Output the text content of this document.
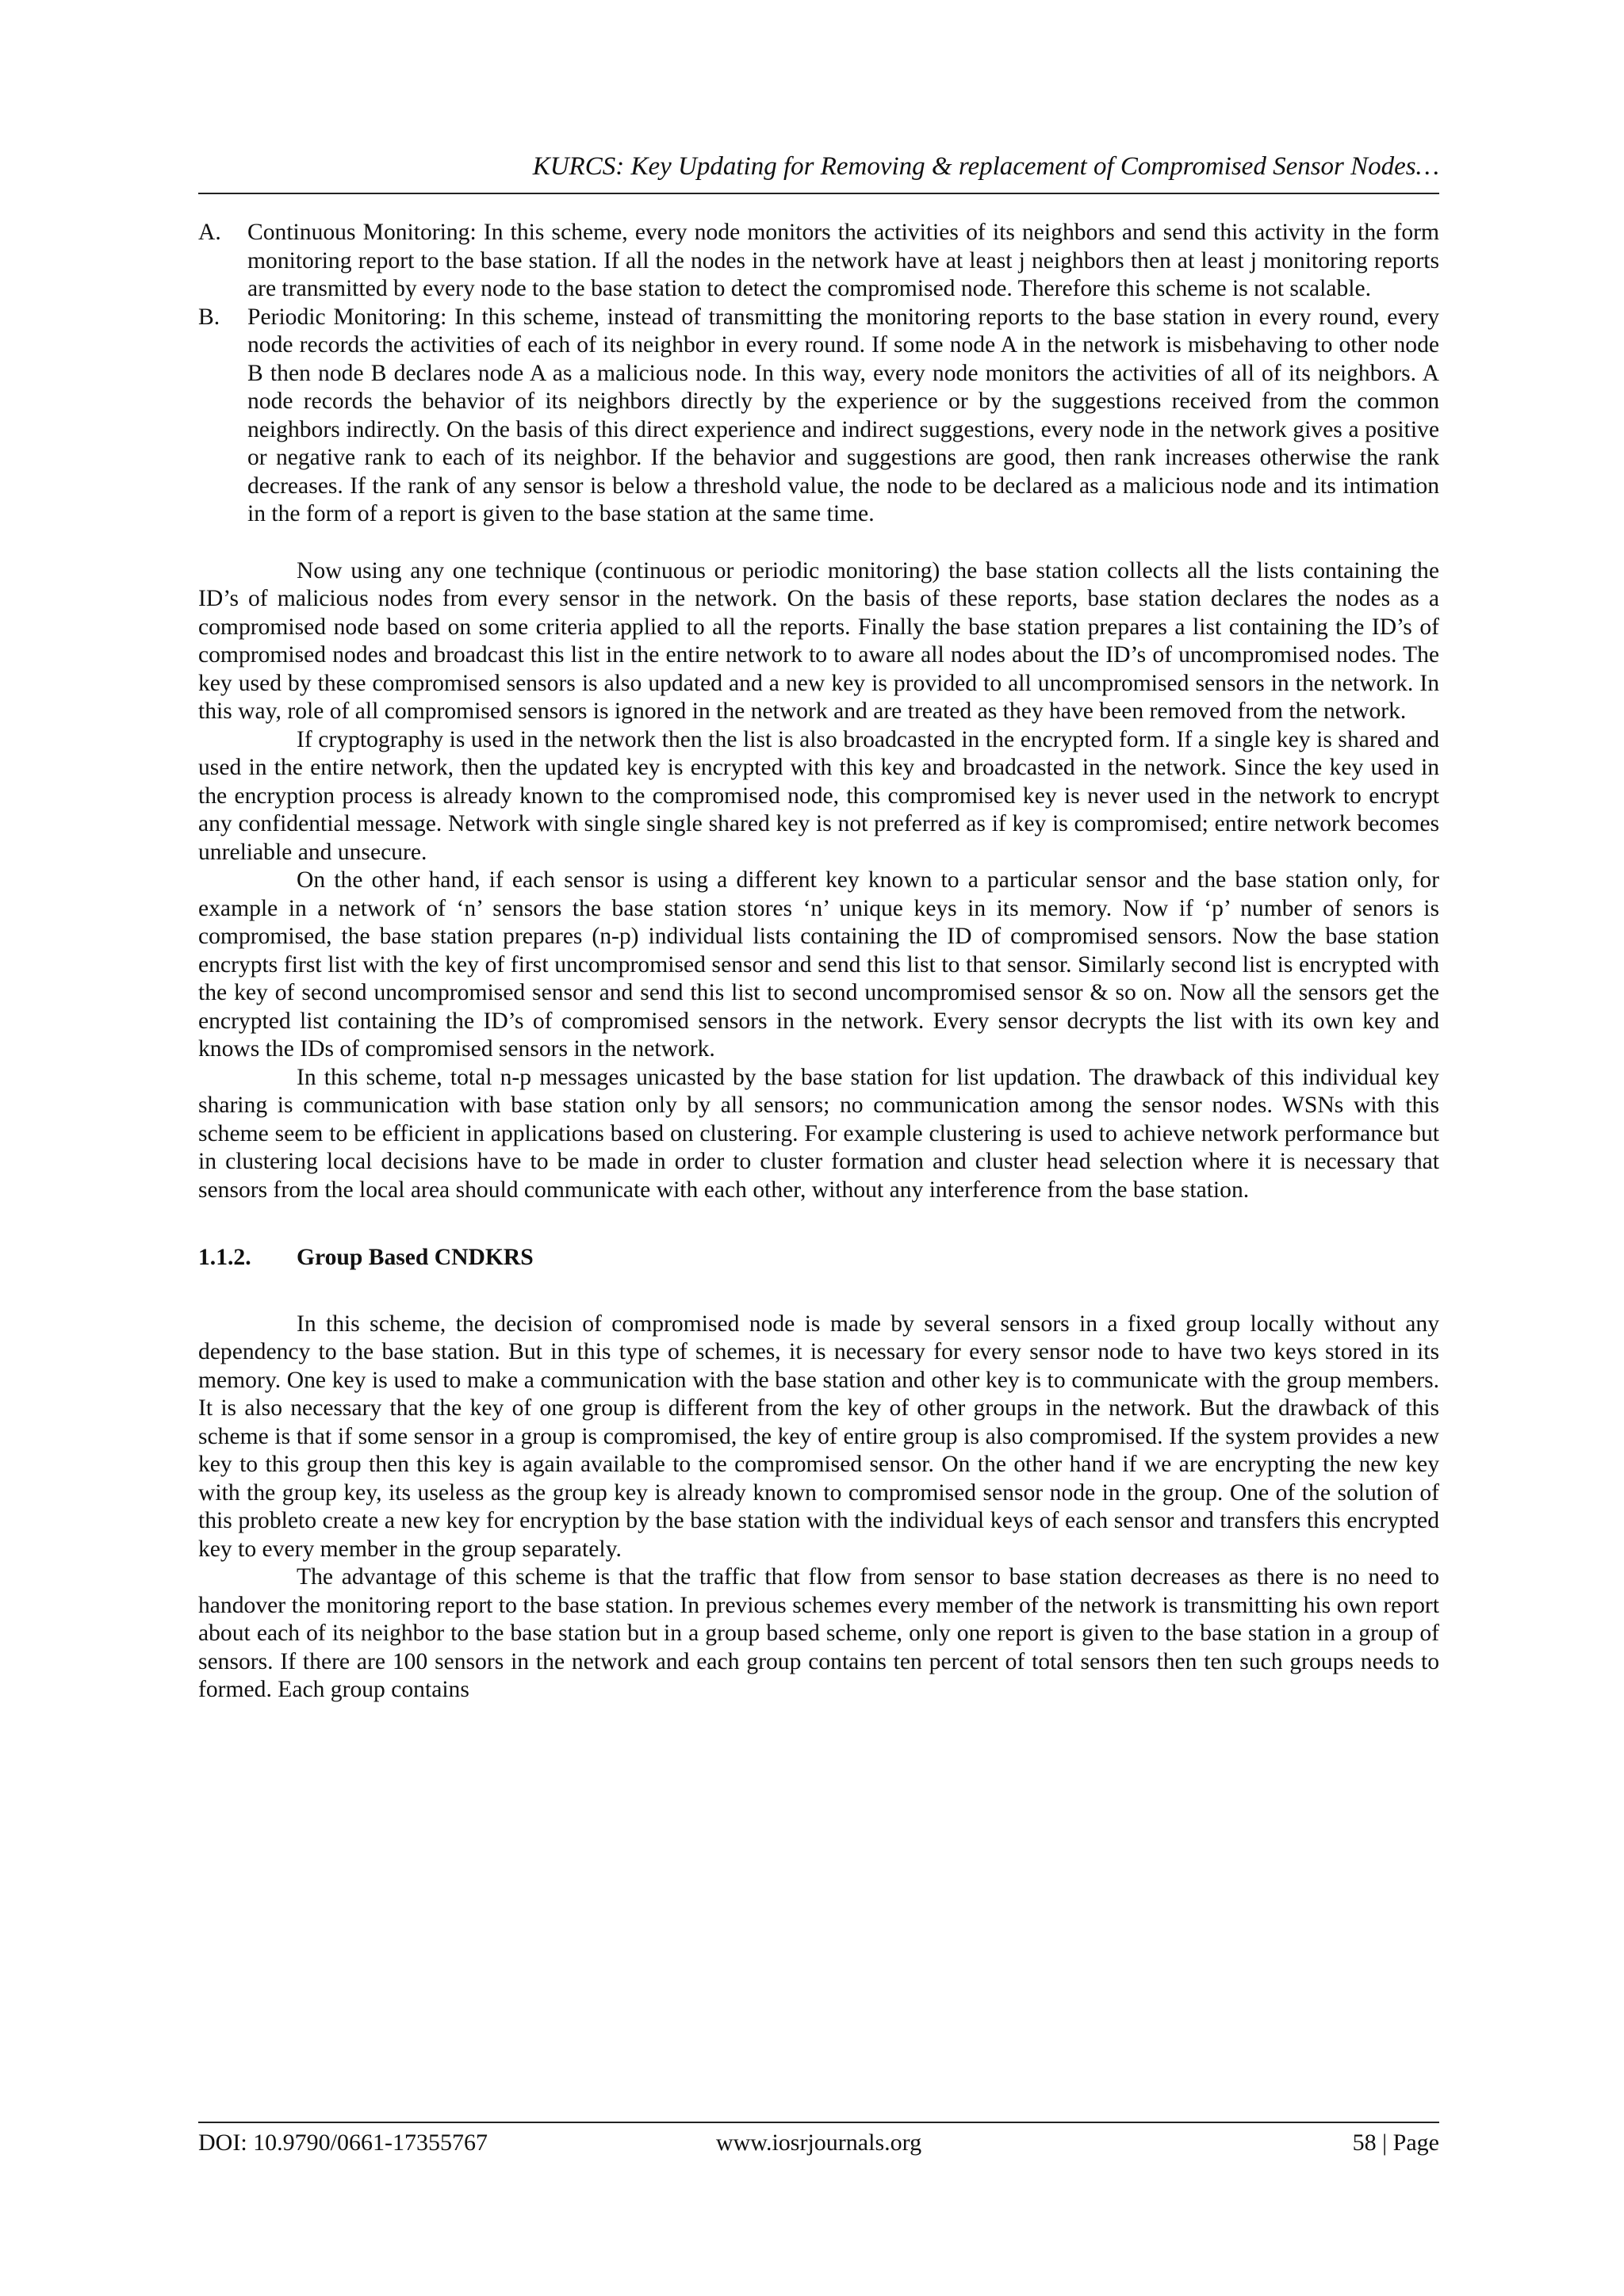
KURCS: Key Updating for Removing & replacement of Compromised Sensor Nodes…
A. Continuous Monitoring: In this scheme, every node monitors the activities of its neighbors and send this activity in the form monitoring report to the base station. If all the nodes in the network have at least j neighbors then at least j monitoring reports are transmitted by every node to the base station to detect the compromised node. Therefore this scheme is not scalable.

B. Periodic Monitoring: In this scheme, instead of transmitting the monitoring reports to the base station in every round, every node records the activities of each of its neighbor in every round. If some node A in the network is misbehaving to other node B then node B declares node A as a malicious node. In this way, every node monitors the activities of all of its neighbors. A node records the behavior of its neighbors directly by the experience or by the suggestions received from the common neighbors indirectly. On the basis of this direct experience and indirect suggestions, every node in the network gives a positive or negative rank to each of its neighbor. If the behavior and suggestions are good, then rank increases otherwise the rank decreases. If the rank of any sensor is below a threshold value, the node to be declared as a malicious node and its intimation in the form of a report is given to the base station at the same time.

Now using any one technique (continuous or periodic monitoring) the base station collects all the lists containing the ID’s of malicious nodes from every sensor in the network. On the basis of these reports, base station declares the nodes as a compromised node based on some criteria applied to all the reports. Finally the base station prepares a list containing the ID’s of compromised nodes and broadcast this list in the entire network to to aware all nodes about the ID’s of uncompromised nodes. The key used by these compromised sensors is also updated and a new key is provided to all uncompromised sensors in the network. In this way, role of all compromised sensors is ignored in the network and are treated as they have been removed from the network.

If cryptography is used in the network then the list is also broadcasted in the encrypted form. If a single key is shared and used in the entire network, then the updated key is encrypted with this key and broadcasted in the network. Since the key used in the encryption process is already known to the compromised node, this compromised key is never used in the network to encrypt any confidential message. Network with single single shared key is not preferred as if key is compromised; entire network becomes unreliable and unsecure.

On the other hand, if each sensor is using a different key known to a particular sensor and the base station only, for example in a network of ‘n’ sensors the base station stores ‘n’ unique keys in its memory. Now if ‘p’ number of senors is compromised, the base station prepares (n-p) individual lists containing the ID of compromised sensors. Now the base station encrypts first list with the key of first uncompromised sensor and send this list to that sensor. Similarly second list is encrypted with the key of second uncompromised sensor and send this list to second uncompromised sensor & so on. Now all the sensors get the encrypted list containing the ID’s of compromised sensors in the network. Every sensor decrypts the list with its own key and knows the IDs of compromised sensors in the network.

In this scheme, total n-p messages unicasted by the base station for list updation. The drawback of this individual key sharing is communication with base station only by all sensors; no communication among the sensor nodes. WSNs with this scheme seem to be efficient in applications based on clustering. For example clustering is used to achieve network performance but in clustering local decisions have to be made in order to cluster formation and cluster head selection where it is necessary that sensors from the local area should communicate with each other, without any interference from the base station.

1.1.2.	Group Based CNDKRS

In this scheme, the decision of compromised node is made by several sensors in a fixed group locally without any dependency to the base station. But in this type of schemes, it is necessary for every sensor node to have two keys stored in its memory. One key is used to make a communication with the base station and other key is to communicate with the group members. It is also necessary that the key of one group is different from the key of other groups in the network. But the drawback of this scheme is that if some sensor in a group is compromised, the key of entire group is also compromised. If the system provides a new key to this group then this key is again available to the compromised sensor. On the other hand if we are encrypting the new key with the group key, its useless as the group key is already known to compromised sensor node in the group. One of the solution of this probleto create a new key for encryption by the base station with the individual keys of each sensor and transfers this encrypted key to every member in the group separately.

The advantage of this scheme is that the traffic that flow from sensor to base station decreases as there is no need to handover the monitoring report to the base station. In previous schemes every member of the network is transmitting his own report about each of its neighbor to the base station but in a group based scheme, only one report is given to the base station in a group of sensors. If there are 100 sensors in the network and each group contains ten percent of total sensors then ten such groups needs to formed. Each group contains

DOI: 10.9790/0661-17355767	www.iosrjournals.org	58 | Page
